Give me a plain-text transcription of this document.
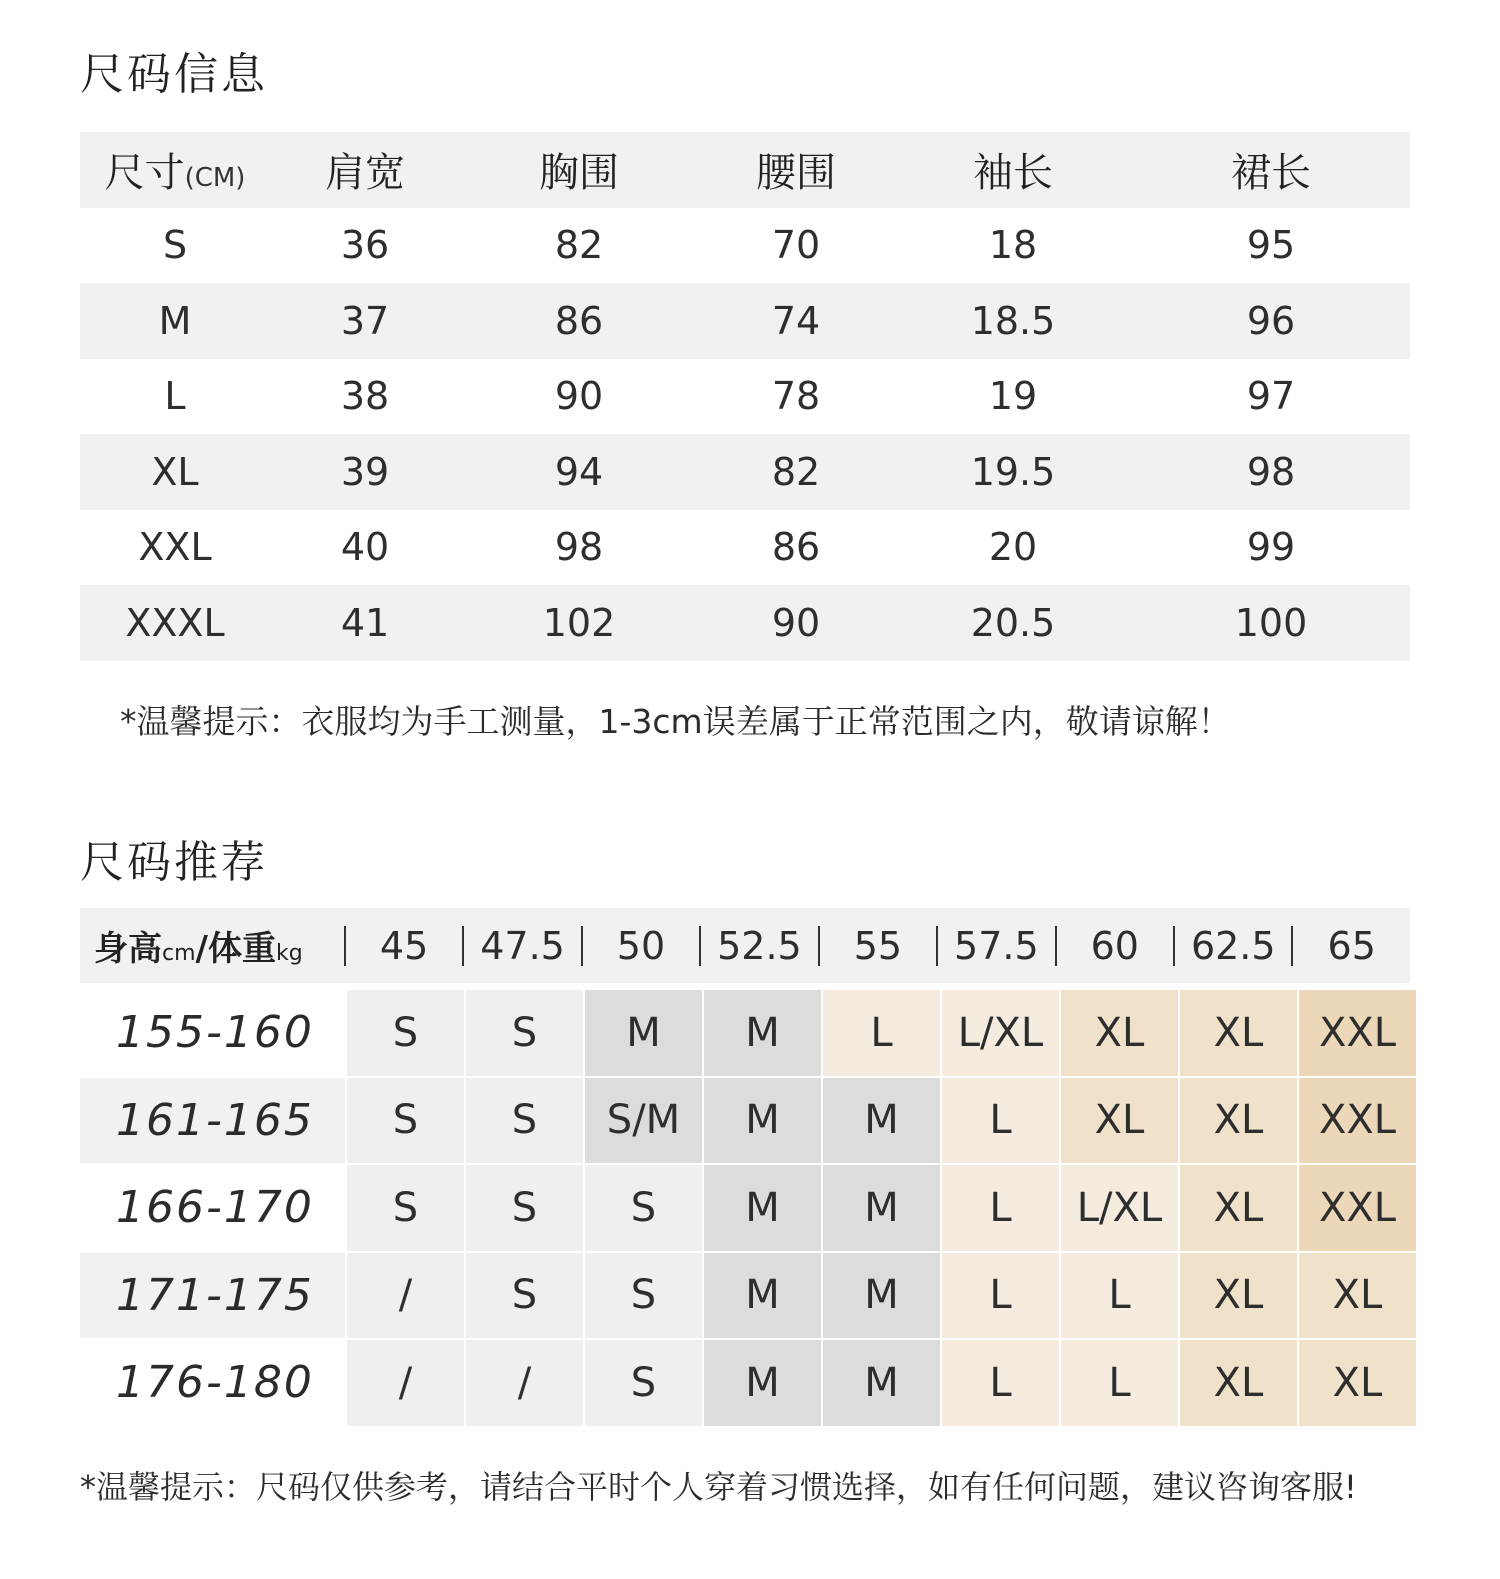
尺码信息
尺寸(CM)	肩宽	胸围	腰围	袖长	裙长
S	36	82	70	18	95
M	37	86	74	18.5	96
L	38	90	78	19	97
XL	39	94	82	19.5	98
XXL	40	98	86	20	99
XXXL	41	102	90	20.5	100
*温馨提示：衣服均为手工测量，1-3cm误差属于正常范围之内，敬请谅解！
尺码推荐
身高cm/体重kg	45	47.5	50	52.5	55	57.5	60	62.5	65
155-160	S	S	M	M	L	L/XL	XL	XL	XXL
161-165	S	S	S/M	M	M	L	XL	XL	XXL
166-170	S	S	S	M	M	L	L/XL	XL	XXL
171-175	/	S	S	M	M	L	L	XL	XL
176-180	/	/	S	M	M	L	L	XL	XL
*温馨提示：尺码仅供参考，请结合平时个人穿着习惯选择，如有任何问题，建议咨询客服!
